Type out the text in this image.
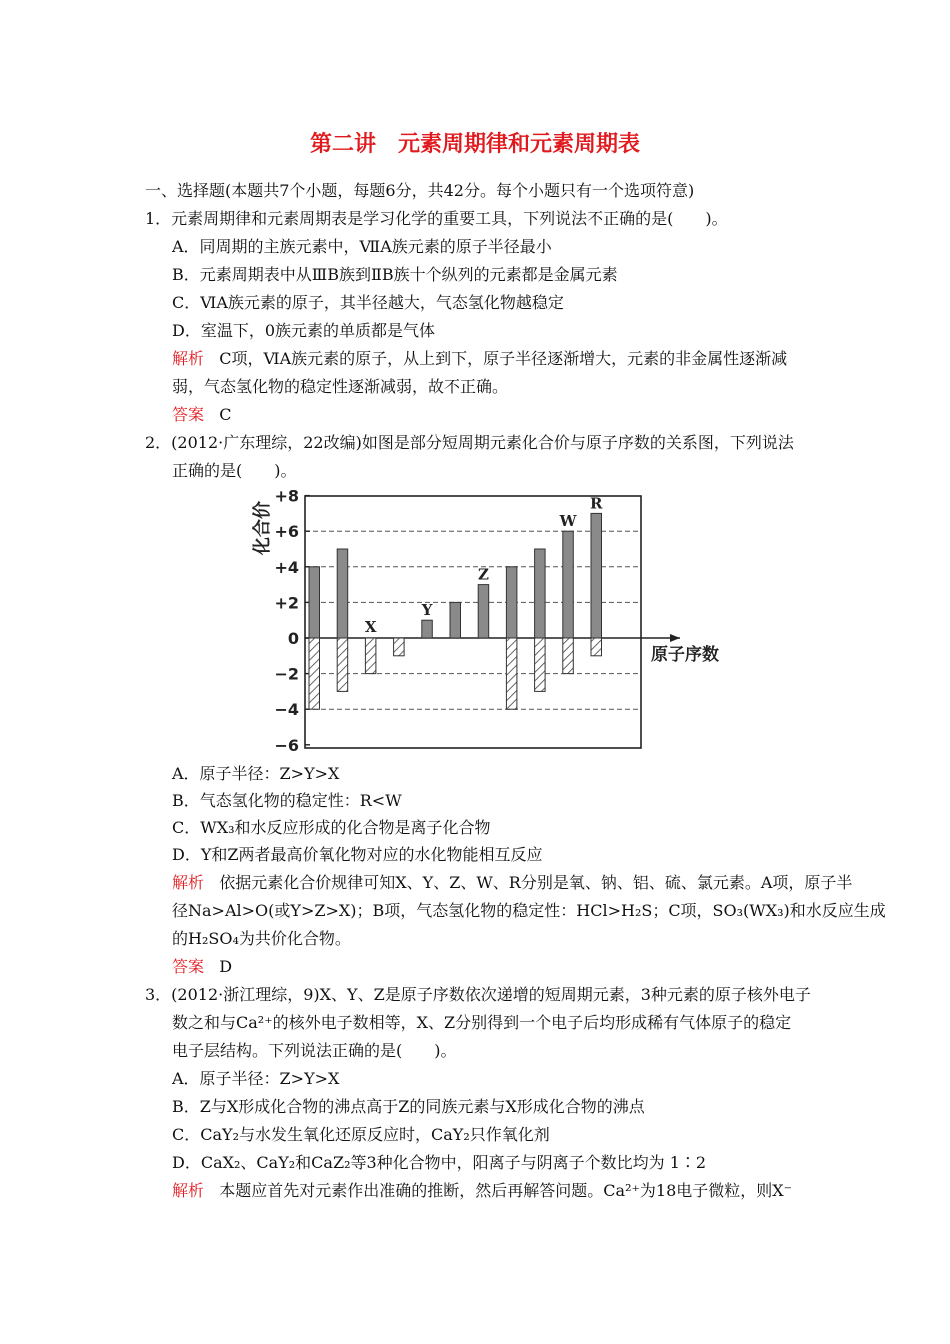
第二讲　元素周期律和元素周期表
一、选择题(本题共7个小题，每题6分，共42分。每个小题只有一个选项符意)
1．元素周期律和元素周期表是学习化学的重要工具，下列说法不正确的是(　　)。
A．同周期的主族元素中，ⅦA族元素的原子半径最小
B．元素周期表中从ⅢB族到ⅡB族十个纵列的元素都是金属元素
C．ⅥA族元素的原子，其半径越大，气态氢化物越稳定
D．室温下，0族元素的单质都是气体
解析 C项，ⅥA族元素的原子，从上到下，原子半径逐渐增大，元素的非金属性逐渐减
弱，气态氢化物的稳定性逐渐减弱，故不正确。
答案 C
2．(2012·广东理综，22改编)如图是部分短周期元素化合价与原子序数的关系图，下列说法
正确的是(　　)。
+8
+6
+4
+2
0
−2
−4
−6
化合价
原子序数
X
Y
Z
W
R
A．原子半径：Z>Y>X
B．气态氢化物的稳定性：R<W
C．WX₃和水反应形成的化合物是离子化合物
D．Y和Z两者最高价氧化物对应的水化物能相互反应
解析 依据元素化合价规律可知X、Y、Z、W、R分别是氧、钠、铝、硫、氯元素。A项，原子半
径Na>Al>O(或Y>Z>X)；B项，气态氢化物的稳定性：HCl>H₂S；C项，SO₃(WX₃)和水反应生成
的H₂SO₄为共价化合物。
答案 D
3．(2012·浙江理综，9)X、Y、Z是原子序数依次递增的短周期元素，3种元素的原子核外电子
数之和与Ca²⁺的核外电子数相等，X、Z分别得到一个电子后均形成稀有气体原子的稳定
电子层结构。下列说法正确的是(　　)。
A．原子半径：Z>Y>X
B．Z与X形成化合物的沸点高于Z的同族元素与X形成化合物的沸点
C．CaY₂与水发生氧化还原反应时，CaY₂只作氧化剂
D．CaX₂、CaY₂和CaZ₂等3种化合物中，阳离子与阴离子个数比均为 1∶2
解析 本题应首先对元素作出准确的推断，然后再解答问题。Ca²⁺为18电子微粒，则X⁻
